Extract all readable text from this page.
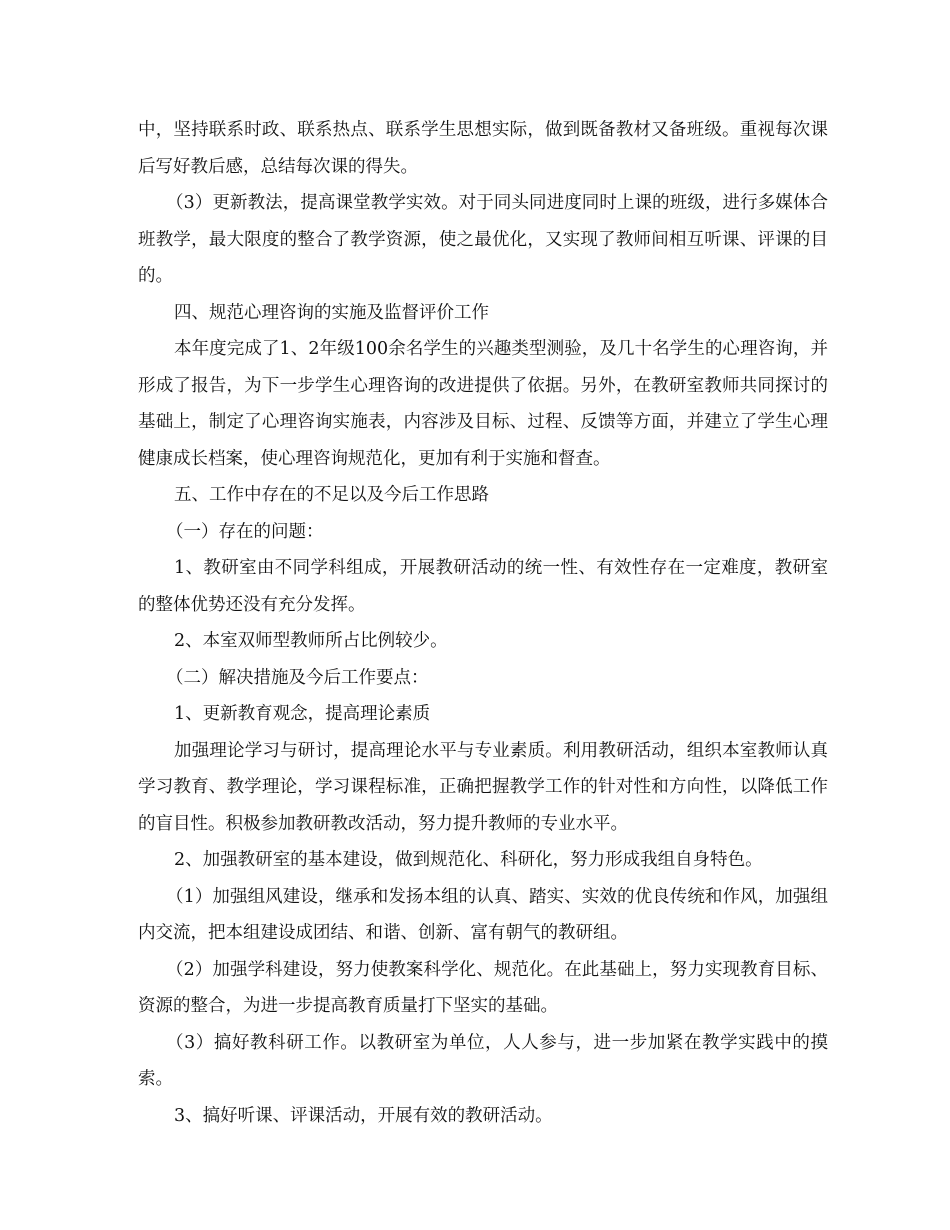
中，坚持联系时政、联系热点、联系学生思想实际，做到既备教材又备班级。重视每次课后写好教后感，总结每次课的得失。

（3）更新教法，提高课堂教学实效。对于同头同进度同时上课的班级，进行多媒体合班教学，最大限度的整合了教学资源，使之最优化，又实现了教师间相互听课、评课的目的。

四、规范心理咨询的实施及监督评价工作

本年度完成了1、2年级100余名学生的兴趣类型测验，及几十名学生的心理咨询，并形成了报告，为下一步学生心理咨询的改进提供了依据。另外，在教研室教师共同探讨的基础上，制定了心理咨询实施表，内容涉及目标、过程、反馈等方面，并建立了学生心理健康成长档案，使心理咨询规范化，更加有利于实施和督查。

五、工作中存在的不足以及今后工作思路

（一）存在的问题：

1、教研室由不同学科组成，开展教研活动的统一性、有效性存在一定难度，教研室的整体优势还没有充分发挥。

2、本室双师型教师所占比例较少。

（二）解决措施及今后工作要点：

1、更新教育观念，提高理论素质

加强理论学习与研讨，提高理论水平与专业素质。利用教研活动，组织本室教师认真学习教育、教学理论，学习课程标准，正确把握教学工作的针对性和方向性，以降低工作的盲目性。积极参加教研教改活动，努力提升教师的专业水平。

2、加强教研室的基本建设，做到规范化、科研化，努力形成我组自身特色。

（1）加强组风建设，继承和发扬本组的认真、踏实、实效的优良传统和作风，加强组内交流，把本组建设成团结、和谐、创新、富有朝气的教研组。

（2）加强学科建设，努力使教案科学化、规范化。在此基础上，努力实现教育目标、资源的整合，为进一步提高教育质量打下坚实的基础。

（3）搞好教科研工作。以教研室为单位，人人参与，进一步加紧在教学实践中的摸索。

3、搞好听课、评课活动，开展有效的教研活动。
